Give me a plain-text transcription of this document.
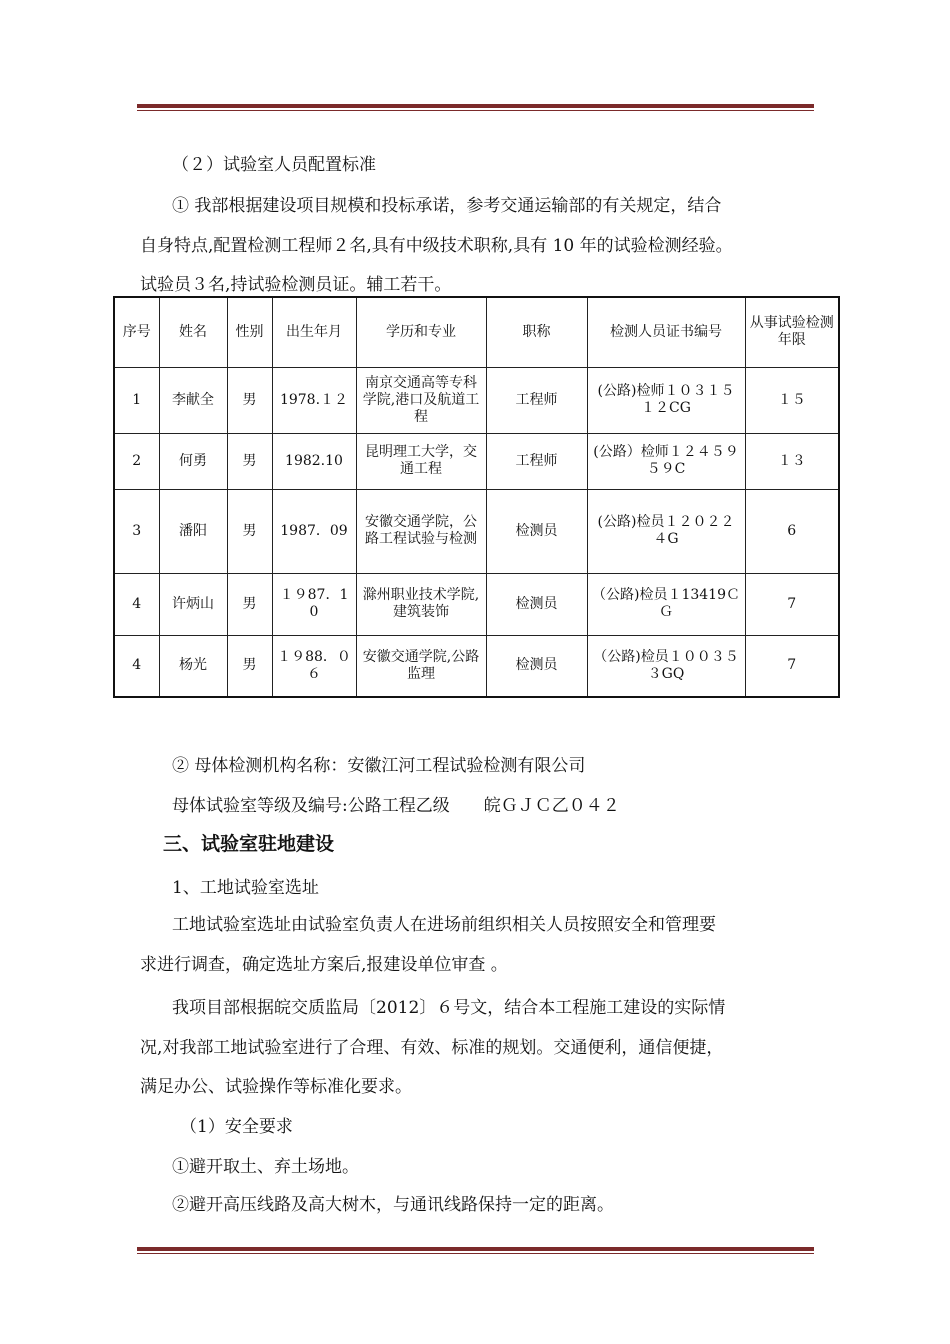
（２）试验室人员配置标准
① 我部根据建设项目规模和投标承诺，参考交通运输部的有关规定，结合
自身特点,配置检测工程师２名,具有中级技术职称,具有 10 年的试验检测经验。
试验员３名,持试验检测员证。辅工若干。
序号	姓名	性别	出生年月	学历和专业	职称	检测人员证书编号	从事试验检测年限
1	李献全	男	1978.１２	南京交通高等专科学院,港口及航道工程	工程师	(公路)检师１０３１５１２CG	１５
2	何勇	男	1982.10	昆明理工大学，交通工程	工程师	(公路）检师１２４５９５９C	１３
3	潘阳	男	1987．09	安徽交通学院，公路工程试验与检测	检测员	(公路)检员１２０２２４G	6
4	许炳山	男	１９87．10	滁州职业技术学院,建筑装饰	检测员	（公路)检员１13419ＣＧ	7
4	杨光	男	１９88．０６	安徽交通学院,公路监理	检测员	（公路)检员１００３５３GQ	7
② 母体检测机构名称：安徽江河工程试验检测有限公司
母体试验室等级及编号:公路工程乙级　　皖ＧＪＣ乙０４２
三、试验室驻地建设
1、工地试验室选址
工地试验室选址由试验室负责人在进场前组织相关人员按照安全和管理要
求进行调查，确定选址方案后,报建设单位审查 。
我项目部根据皖交质监局〔2012〕６号文，结合本工程施工建设的实际情
况,对我部工地试验室进行了合理、有效、标准的规划。交通便利，通信便捷，
满足办公、试验操作等标准化要求。
（1）安全要求
①避开取土、弃土场地。
②避开高压线路及高大树木，与通讯线路保持一定的距离。
